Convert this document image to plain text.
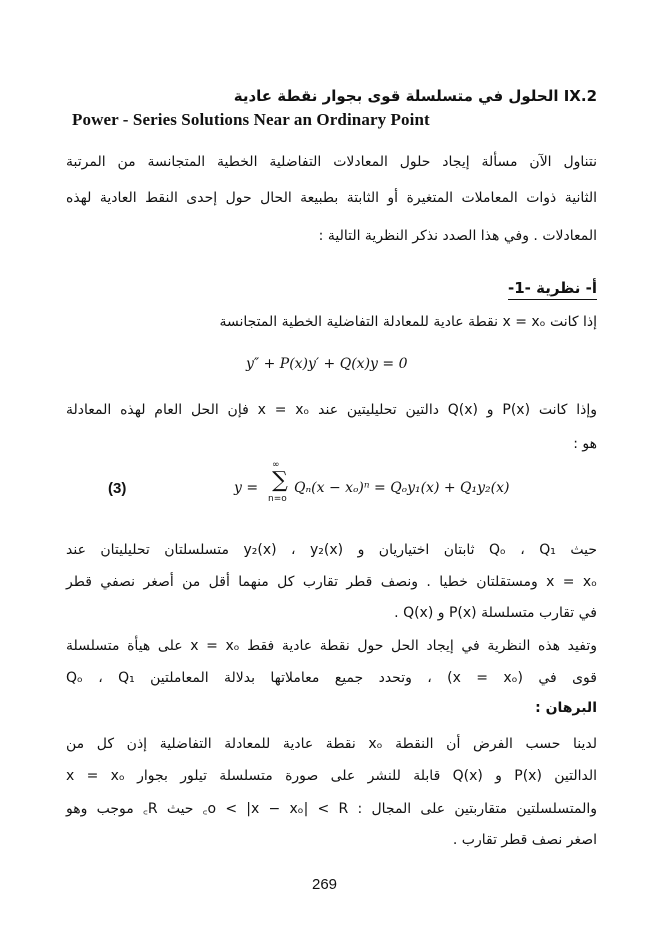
IX.2 الحلول في متسلسلة قوى بجوار نقطة عادية
Power - Series Solutions Near an Ordinary Point
نتناول الآن مسألة إيجاد حلول المعادلات التفاضلية الخطية المتجانسة من المرتبة
الثانية ذوات المعاملات المتغيرة أو الثابتة بطبيعة الحال حول إحدى النقط العادية لهذه
المعادلات . وفي هذا الصدد نذكر النظرية التالية :
أ- نظرية -1-
إذا كانت x = xₒ نقطة عادية للمعادلة التفاضلية الخطية المتجانسة
y″ + P(x)y′ + Q(x)y = 0
وإذا كانت P(x) و Q(x) دالتين تحليليتين عند x = xₒ فإن الحل العام لهذه المعادلة
هو :
(3)	y =
∞
∑
n=o
Qₙ(x − xₒ)ⁿ = Qₒy₁(x) + Q₁y₂(x)
حيث Qₒ ، Q₁ ثابتان اختياريان و y₂(x) ، y₂(x) متسلسلتان تحليليتان عند
x = xₒ ومستقلتان خطيا . ونصف قطر تقارب كل منهما أقل من أصغر نصفي قطر
في تقارب متسلسلة P(x) و Q(x) .
وتفيد هذه النظرية في إيجاد الحل حول نقطة عادية فقط x = xₒ على هيأة متسلسلة
قوى في (x = xₒ) ، وتحدد جميع معاملاتها بدلالة المعاملتين Qₒ ، Q₁
البرهان :
لدينا حسب الفرض أن النقطة xₒ نقطة عادية للمعادلة التفاضلية إذن كل من
الدالتين P(x) و Q(x) قابلة للنشر على صورة متسلسلة تيلور بجوار x = xₒ
والمتسلسلتين متقاربتين على المجال : o < |x − xₒ| < R꜀ حيث R꜀ موجب وهو
اصغر نصف قطر تقارب .
269
